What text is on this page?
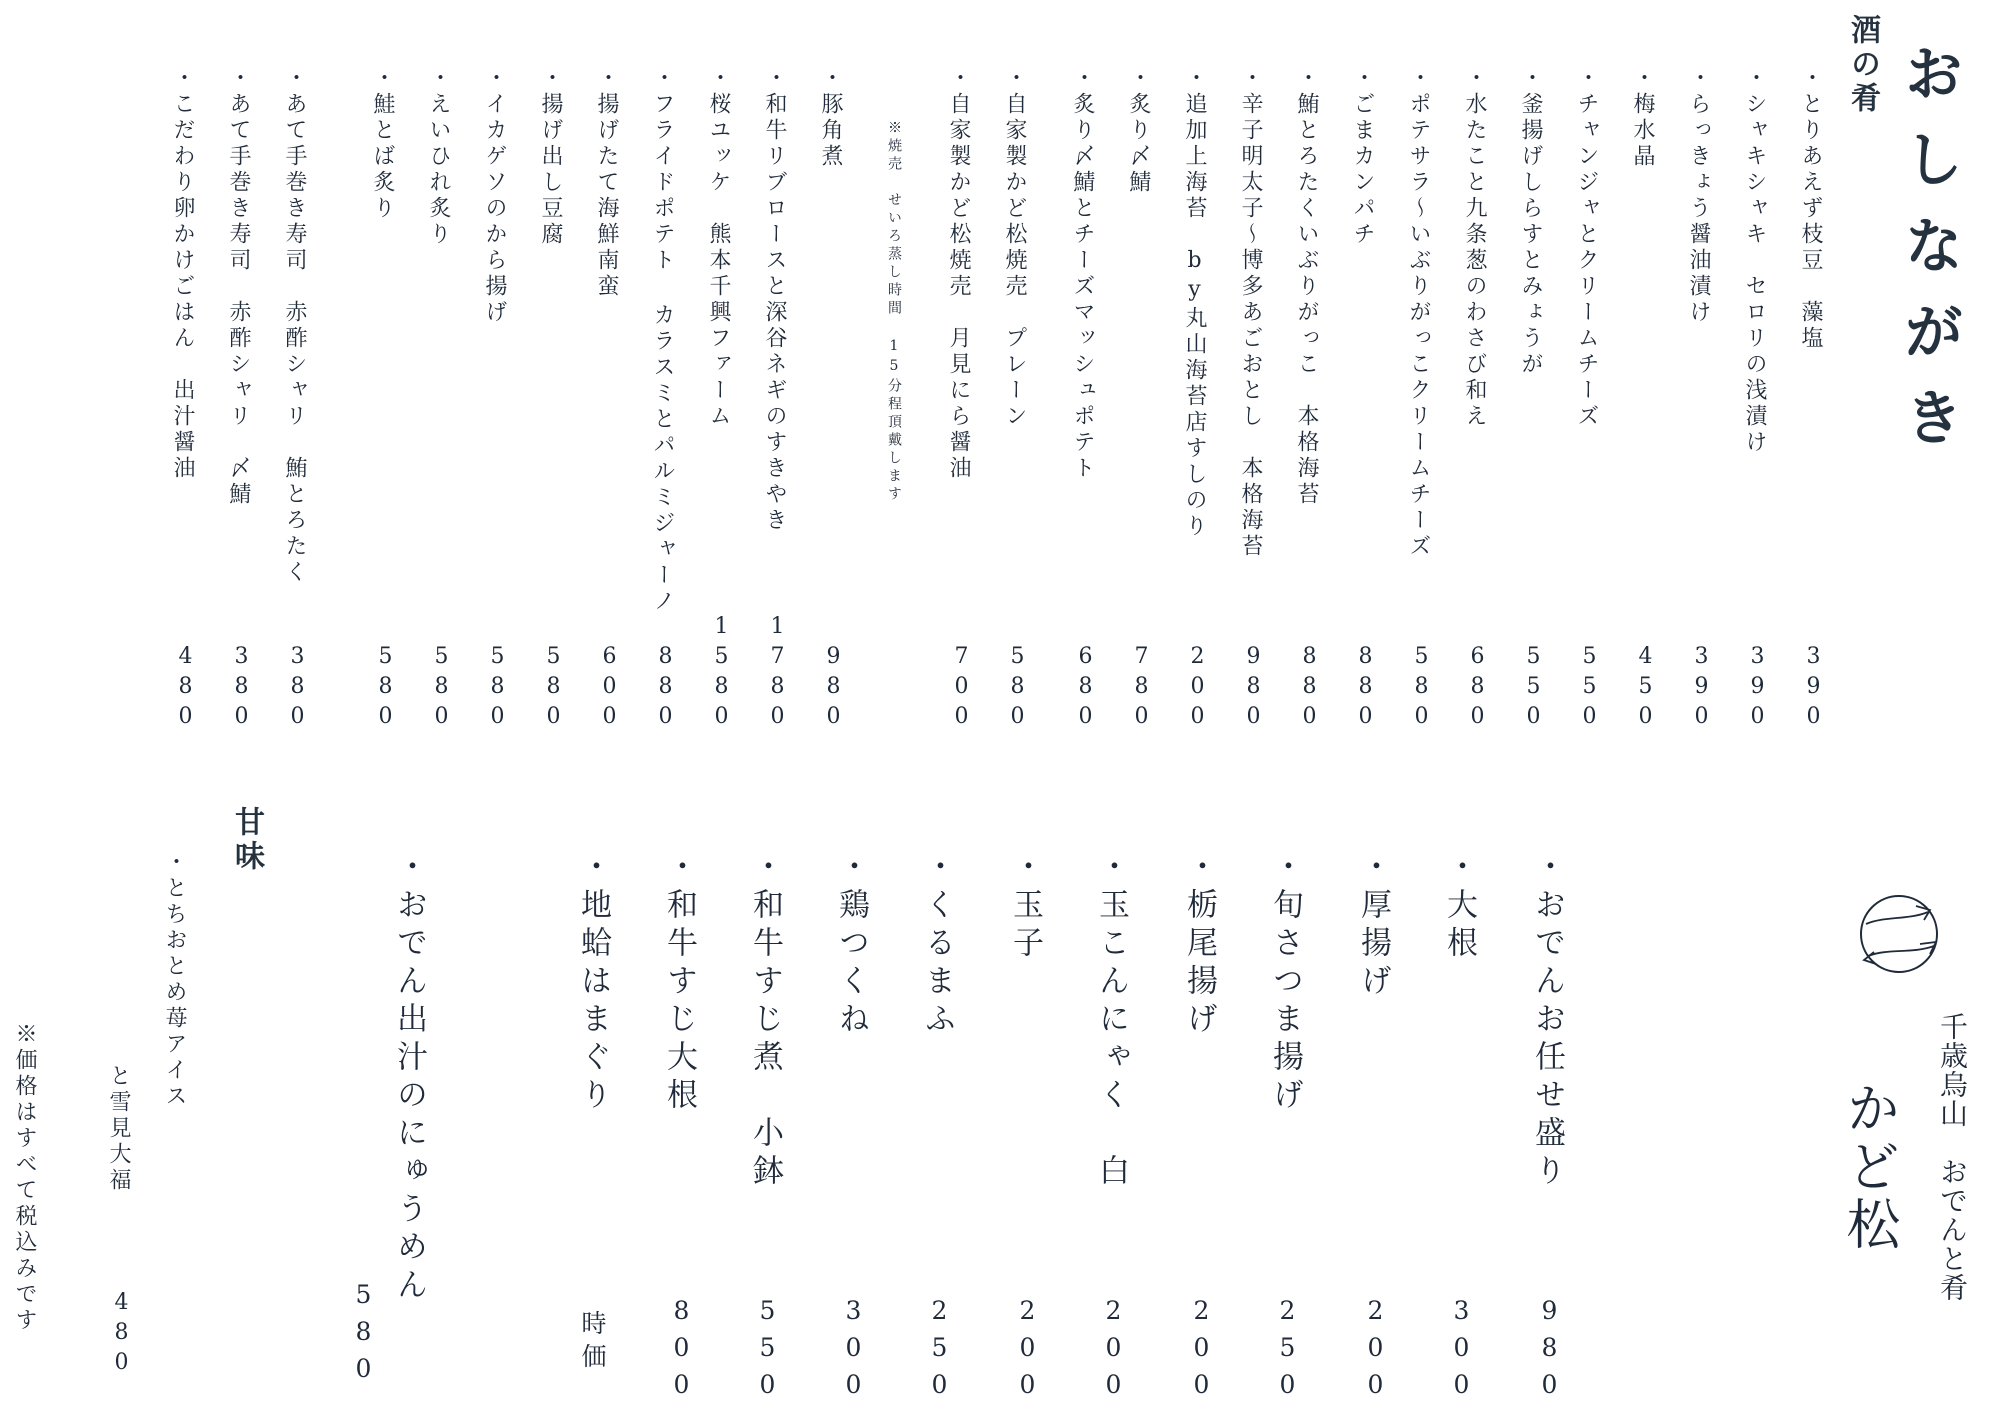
おしながき
酒の肴
・とりあえず枝豆　藻塩
390
・シャキシャキ　セロリの浅漬け
390
・らっきょう醤油漬け
390
・梅水晶
450
・チャンジャとクリームチーズ
550
・釜揚げしらすとみょうが
550
・水たこと九条葱のわさび和え
680
・ポテサラ〜いぶりがっこクリームチーズ
580
・ごまカンパチ
880
・鮪とろたくいぶりがっこ　本格海苔
880
・辛子明太子〜博多あごおとし　本格海苔
980
・追加上海苔　by丸山海苔店すしのり
200
・炙り〆鯖
780
・炙り〆鯖とチーズマッシュポテト
680
・自家製かど松焼売　プレーン
580
・自家製かど松焼売　月見にら醤油
700
※焼売　せいろ蒸し時間 15分程頂戴します
・豚角煮
980
・和牛リブロースと深谷ネギのすきやき
1780
・桜ユッケ　熊本千興ファーム
1580
・フライドポテト カラスミとパルミジャーノ
880
・揚げたて海鮮南蛮
600
・揚げ出し豆腐
580
・イカゲソのから揚げ
580
・えいひれ炙り
580
・鮭とば炙り
580
・あて手巻き寿司　赤酢シャリ　鮪とろたく
380
・あて手巻き寿司　赤酢シャリ　〆鯖
380
・こだわり卵かけごはん　出汁醤油
480
千歳烏山　おでんと肴
かど松
・おでんお任せ盛り
980
・大根
300
・厚揚げ
200
・旬さつま揚げ
250
・栃尾揚げ
200
・玉こんにゃく　白
200
・玉子
200
・くるまふ
250
・鶏つくね
300
・和牛すじ煮　小鉢
550
・和牛すじ大根
800
・地蛤はまぐり
時価
・おでん出汁のにゅうめん
580
甘味
・とちおとめ苺アイス
と雪見大福
480
※価格はすべて税込みです
